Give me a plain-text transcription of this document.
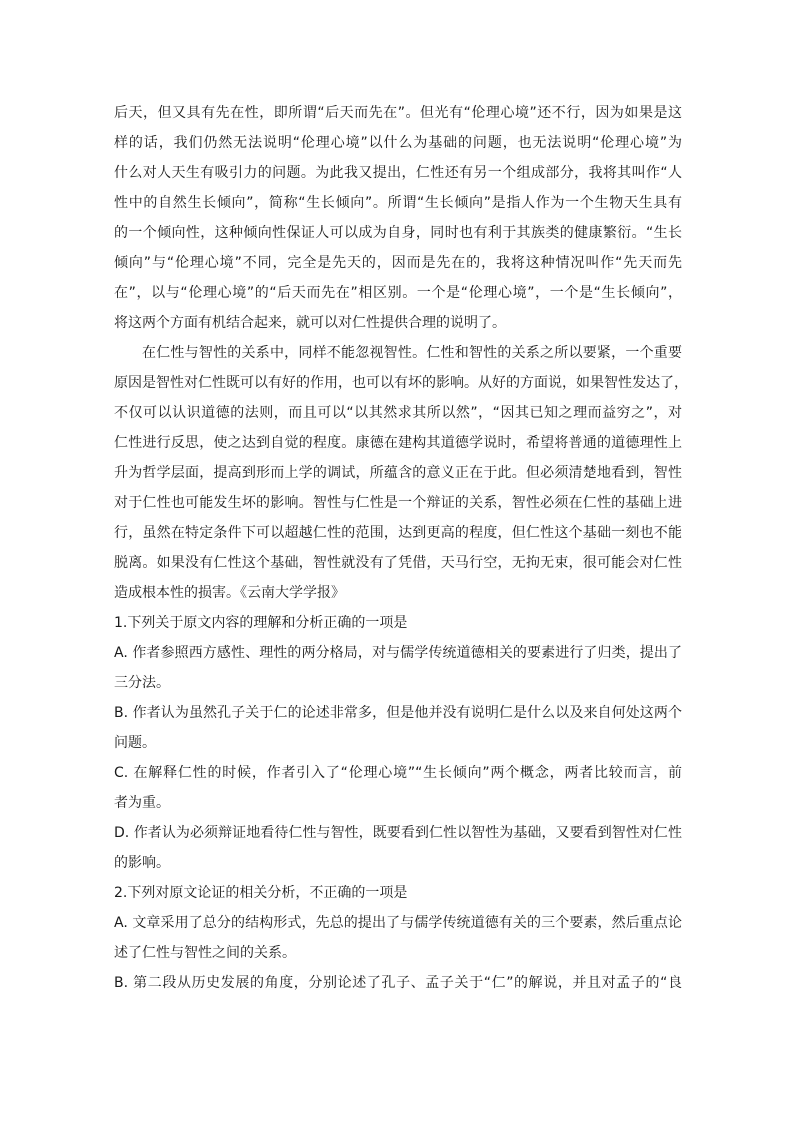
后天，但又具有先在性，即所谓“后天而先在”。但光有“伦理心境”还不行，因为如果是这
样的话，我们仍然无法说明“伦理心境”以什么为基础的问题，也无法说明“伦理心境”为
什么对人天生有吸引力的问题。为此我又提出，仁性还有另一个组成部分，我将其叫作“人
性中的自然生长倾向”，简称“生长倾向”。所谓“生长倾向”是指人作为一个生物天生具有
的一个倾向性，这种倾向性保证人可以成为自身，同时也有利于其族类的健康繁衍。“生长
倾向”与“伦理心境”不同，完全是先天的，因而是先在的，我将这种情况叫作“先天而先
在”，以与“伦理心境”的“后天而先在”相区别。一个是“伦理心境”，一个是“生长倾向”，
将这两个方面有机结合起来，就可以对仁性提供合理的说明了。
在仁性与智性的关系中，同样不能忽视智性。仁性和智性的关系之所以要紧，一个重要
原因是智性对仁性既可以有好的作用，也可以有坏的影响。从好的方面说，如果智性发达了，
不仅可以认识道德的法则，而且可以“以其然求其所以然”，“因其已知之理而益穷之”，对
仁性进行反思，使之达到自觉的程度。康德在建构其道德学说时，希望将普通的道德理性上
升为哲学层面，提高到形而上学的调试，所蕴含的意义正在于此。但必须清楚地看到，智性
对于仁性也可能发生坏的影响。智性与仁性是一个辩证的关系，智性必须在仁性的基础上进
行，虽然在特定条件下可以超越仁性的范围，达到更高的程度，但仁性这个基础一刻也不能
脱离。如果没有仁性这个基础，智性就没有了凭借，天马行空，无拘无束，很可能会对仁性
造成根本性的损害。《云南大学学报》
1.下列关于原文内容的理解和分析正确的一项是
A. 作者参照西方感性、理性的两分格局，对与儒学传统道德相关的要素进行了归类，提出了
三分法。
B. 作者认为虽然孔子关于仁的论述非常多，但是他并没有说明仁是什么以及来自何处这两个
问题。
C. 在解释仁性的时候，作者引入了“伦理心境”“生长倾向”两个概念，两者比较而言，前
者为重。
D. 作者认为必须辩证地看待仁性与智性，既要看到仁性以智性为基础，又要看到智性对仁性
的影响。
2.下列对原文论证的相关分析，不正确的一项是
A. 文章采用了总分的结构形式，先总的提出了与儒学传统道德有关的三个要素，然后重点论
述了仁性与智性之间的关系。
B. 第二段从历史发展的角度，分别论述了孔子、孟子关于“仁”的解说，并且对孟子的“良
